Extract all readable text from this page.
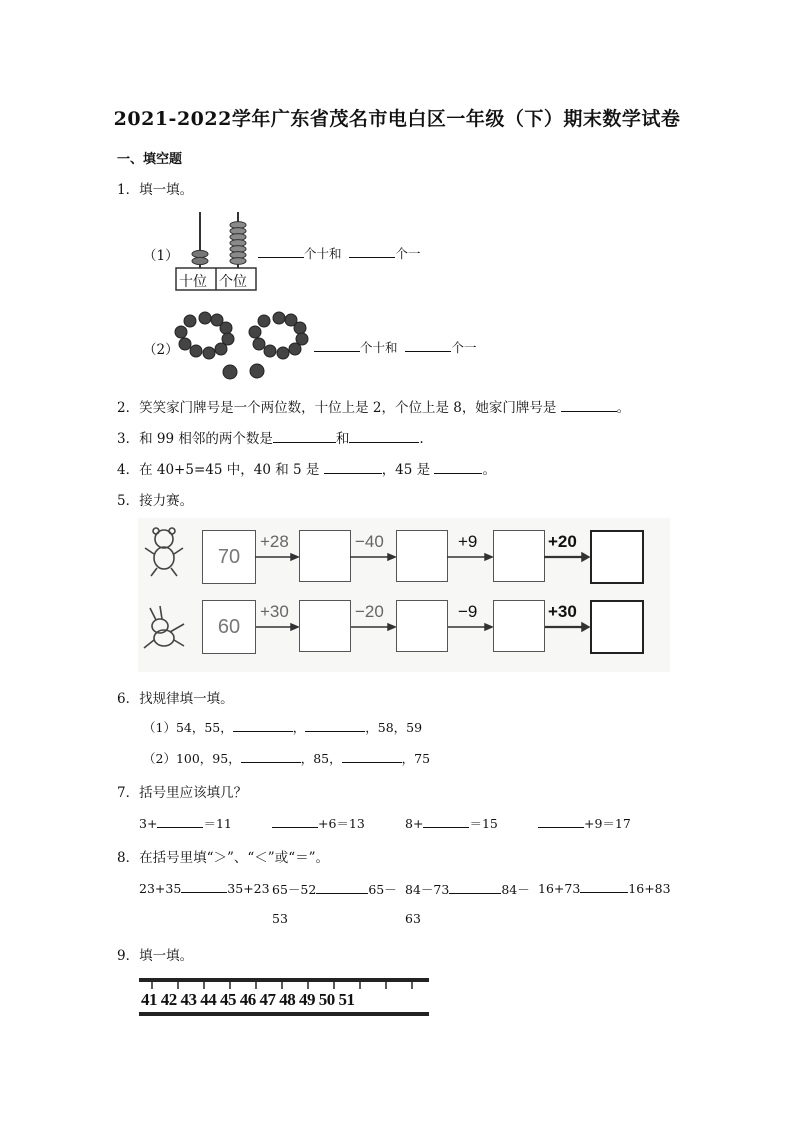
2021-2022学年广东省茂名市电白区一年级（下）期末数学试卷
一、填空题
1．填一填。
（1）
十位 个位
个十和	个一
（2）	个十和	个一
2．笑笑家门牌号是一个两位数，十位上是 2，个位上是 8，她家门牌号是	。
3．和 99 相邻的两个数是	和	.
4．在 40+5=45 中，40 和 5 是	，45 是	。
5．接力赛。
70
+28	−40	+9	+20
60
+30	−20	−9	+30
6．找规律填一填。
（1）54，55，	，	，58，59
（2）100，95，	，85，	，75
7．括号里应该填几？
3+	＝11	+6＝13	8+	＝15	+9＝17
8．在括号里填“＞”、“＜”或“＝”。
23+35	35+23 65－52	65－
53
84－73	84－
63
16+73	16+83
9．填一填。
41 42 43 44 45 46 47 48 49 50 51
